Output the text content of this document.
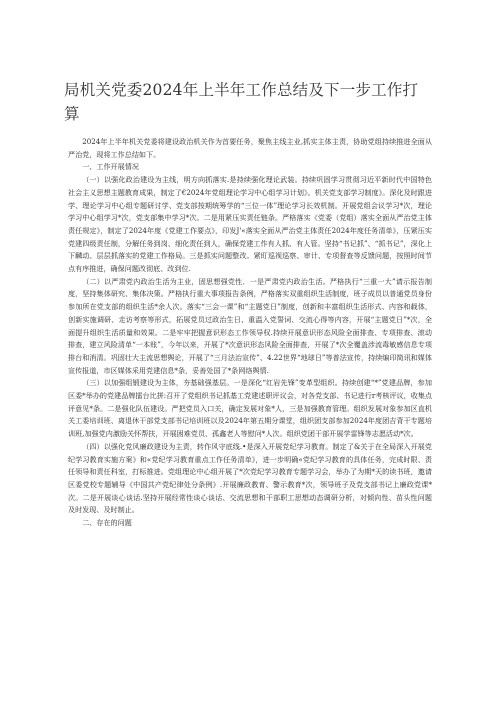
局机关党委2024年上半年工作总结及下一步工作打算

2024年上半年机关党委将建设政治机关作为首要任务，聚焦主线主业,抓实主体主责，协助党组持续推进全面从严治党，现将工作总结如下。

一、工作开展情况

（一）以强化政治建设为主线，明方向抓落实.是持续强化理论武装。持续巩固学习贯彻习近平新时代中国特色社会主义思想主题教育成果，制定了€2024年党组理论学习中心组学习计划》。机关党支部学习制度》。深化及时跟进学、理论学习中心组专题研讨学、党支部按期统筹学的“三位一体”理论学习长效机制。开展党组会议学习*次，理论学习中心组学习*次，党支部集中学习*次。二是用紧压实责任链条。严格落实《党委（党组）落实全面从严治党主体责任规定》，制定了2024年度《党建工作要点》，印发J'«落实全面从严治党主体责任2024年度任务清单》，压紧压实党建四级责任制，分解任务到岗、细化责任到人，确保党建工作有人抓、有人管。坚持“书记抓”、“抓书记”，深化上下麟动、层层抓落实的党建工作格局。三是抓实问题整改。紧盯巡视巡察、审计、专项督查等反馈问题，按照时间节点有序推进，确保问题改彻底、改到位.

（二）以严肃党内政治生活为主业，固思想强党性．一是严肃党内政治生活。严格执行“三重一大”请示报告制度，坚持集体研究、集体决策。严格执行重大事项报告条例，严格落实双重组织生活制度，班子成员以普通党员身份参加所在党支部的组织生活*余人次。落实“三会一课”和“主题党日”制度，创新和丰富组织生活形式、内容和载体，创新实施调研、走访考察等形式，拓展党员过政治生日、重温入党誓词、交流心得等内容，开展“主题党日”*次，全面提升组织生活质量和效果。二是牢牢把握意识形态工作领导权.持续开展意识形态风险全面排查、专项排查、滚动排查，建立风险清单“一本账”，今年以来，开展了*次意识形态风险全面排查，开展了*次全覆盖涉流毒敏感信息专项排台和消清。巩固壮大主流思想舆论，开展了“三月法治宣传”、4.22世界“地球日”等普法宣传，持续编印简讯和媒体宣传报道，市区媒体采用党建信息*条，妥善处国了*条网络舆情.

（三）以加强组锻建设为主体，夯基础强基层。一是深化“红岩先锋”变革型组织。持续创建“*”党建品牌，参加区委*举办的党建品牌擂台比拼:召开了党组织书记抓基工党建述职评议会，对各党支部、书记进行r考核评议，收集点评意见*条。二是强化队伍建设。严把党员入口关，确定发展对象*人，三是加强教育管理。组织发展对象参加区直机关工委培训班、离退休干部党支部书记培训班以及2024年第五期分课堂，组织团支部参加2024年度团吉背干专题培训班,加强党内激励关怀帮扶，开展困难党员、孤鑫老人等慰问*人次。组织党团干部开展学雷锋等志愿活动*次。

（四）以强化党风廉政建设为主责，转作风守底线.•是深入开展党纪学习教育。制定了&关于在全局深入开展党纪学习教育实施方案》和«党纪学习教育重点工作任务清单》，进一步明确«党纪学习教育的具体任务，完成时限、责任领导和责任科室，打标推进。党组理论中心组开展了*次党纪学习教育专题学习会，举办了为期*天的读书班，邀请区委党校专题辅导《中国共产党纪律处分条例》.开展廉政教育、警示教育*次，领导班子及党支部书记上廉政党课*次。二是开展谈心谈话.坚持开展经常性谈心谈话、交流思想和干部职工思想动态调研分析，对倾向性、苗头性问题及时发现、及时制止。

二、存在的问题
